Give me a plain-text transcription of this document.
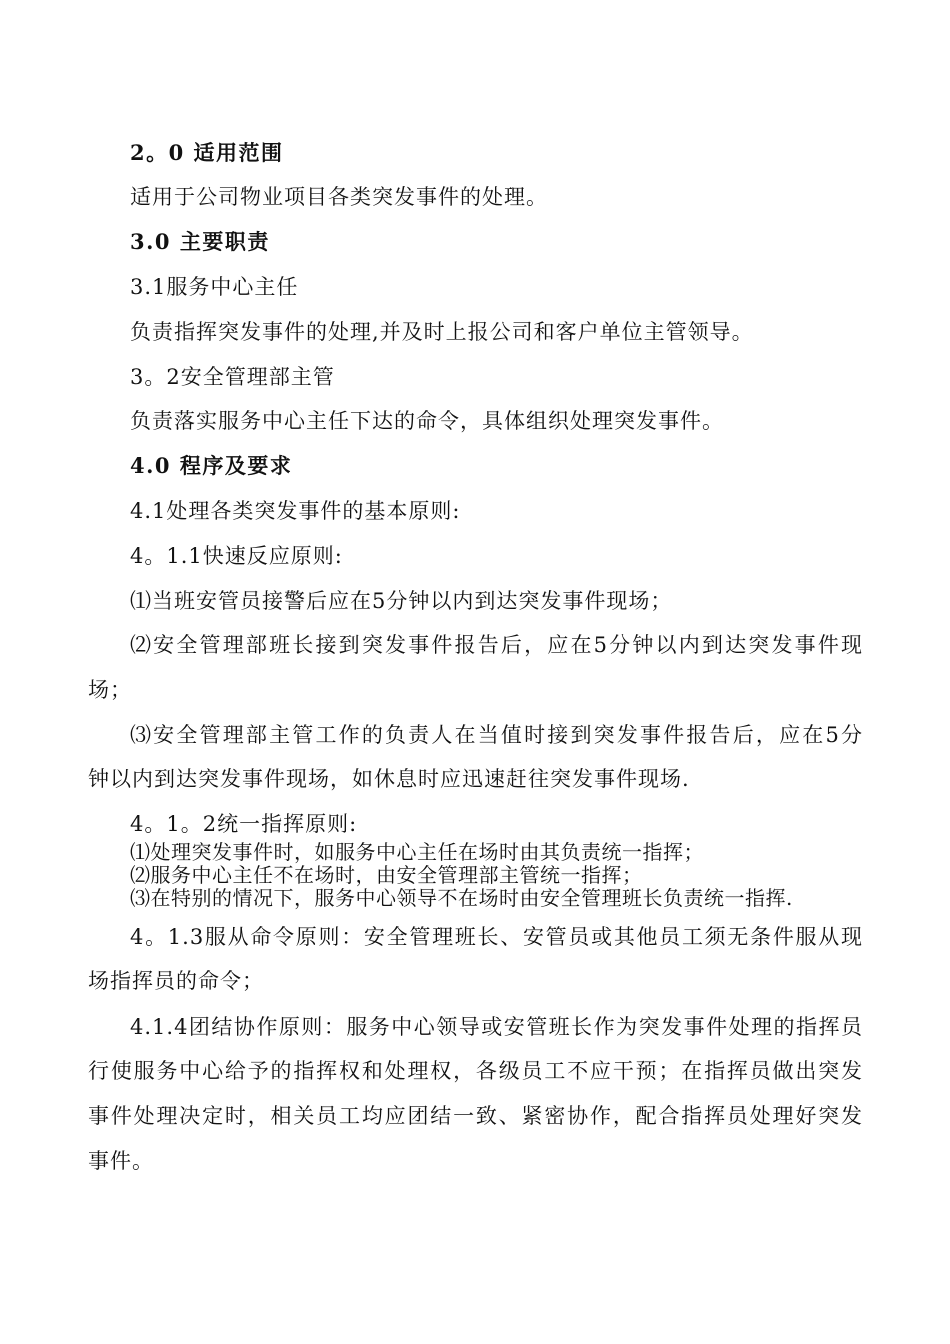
2。0 适用范围
适用于公司物业项目各类突发事件的处理。
3.0 主要职责
3.1服务中心主任
负责指挥突发事件的处理,并及时上报公司和客户单位主管领导。
3。2安全管理部主管
负责落实服务中心主任下达的命令，具体组织处理突发事件。
4.0 程序及要求
4.1处理各类突发事件的基本原则:
4。1.1快速反应原则:
⑴当班安管员接警后应在5分钟以内到达突发事件现场；
⑵安全管理部班长接到突发事件报告后，应在5分钟以内到达突发事件现
场；
⑶安全管理部主管工作的负责人在当值时接到突发事件报告后，应在5分
钟以内到达突发事件现场，如休息时应迅速赶往突发事件现场.
4。1。2统一指挥原则:
⑴处理突发事件时，如服务中心主任在场时由其负责统一指挥；
⑵服务中心主任不在场时，由安全管理部主管统一指挥；
⑶在特别的情况下，服务中心领导不在场时由安全管理班长负责统一指挥.
4。1.3服从命令原则：安全管理班长、安管员或其他员工须无条件服从现
场指挥员的命令；
4.1.4团结协作原则：服务中心领导或安管班长作为突发事件处理的指挥员
行使服务中心给予的指挥权和处理权，各级员工不应干预；在指挥员做出突发
事件处理决定时，相关员工均应团结一致、紧密协作，配合指挥员处理好突发
事件。
